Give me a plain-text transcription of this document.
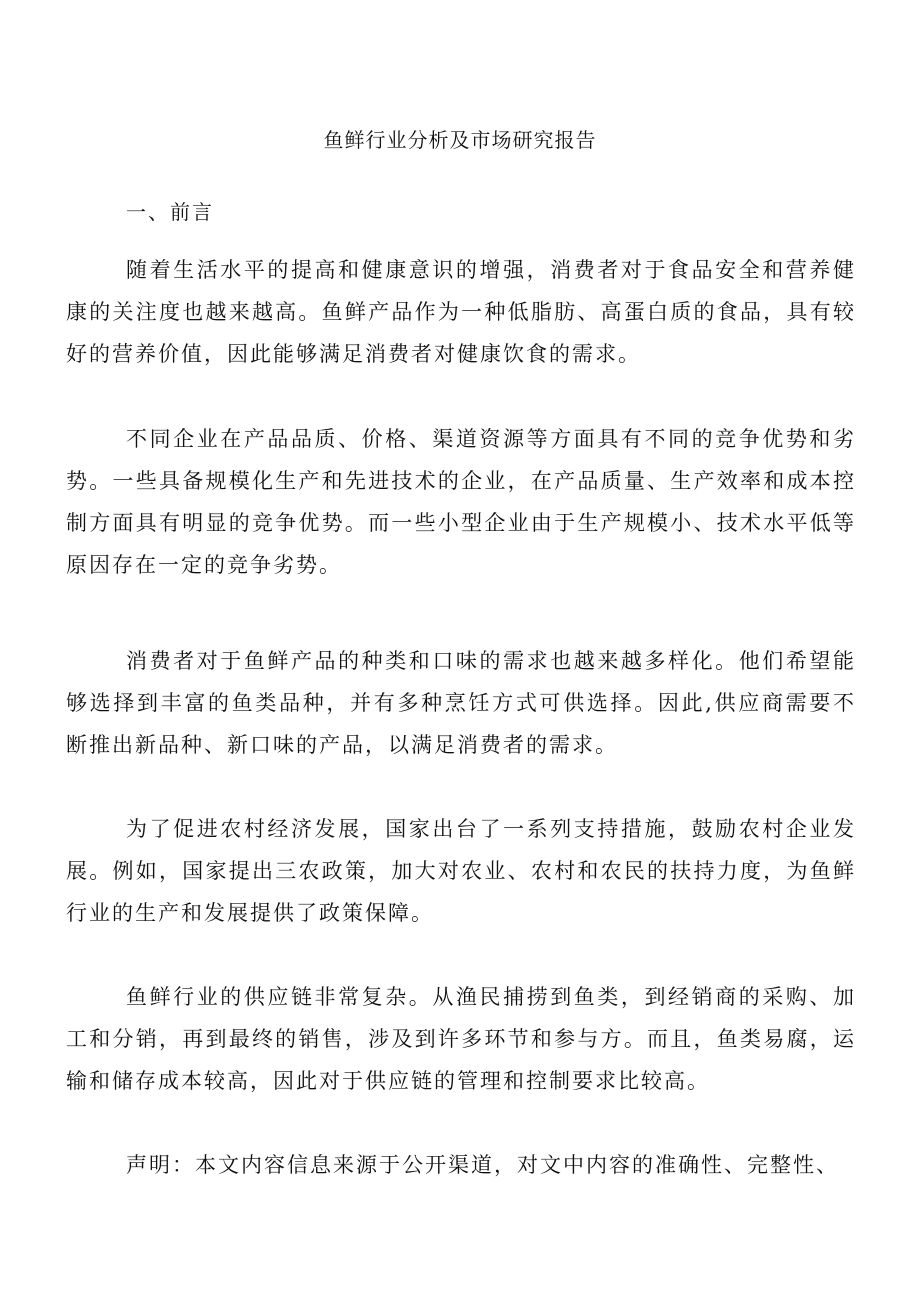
鱼鲜行业分析及市场研究报告
一、前言

随着生活水平的提高和健康意识的增强，消费者对于食品安全和营养健康的关注度也越来越高。鱼鲜产品作为一种低脂肪、高蛋白质的食品，具有较好的营养价值，因此能够满足消费者对健康饮食的需求。

不同企业在产品品质、价格、渠道资源等方面具有不同的竞争优势和劣势。一些具备规模化生产和先进技术的企业，在产品质量、生产效率和成本控制方面具有明显的竞争优势。而一些小型企业由于生产规模小、技术水平低等原因存在一定的竞争劣势。

消费者对于鱼鲜产品的种类和口味的需求也越来越多样化。他们希望能够选择到丰富的鱼类品种，并有多种烹饪方式可供选择。因此,供应商需要不断推出新品种、新口味的产品，以满足消费者的需求。

为了促进农村经济发展，国家出台了一系列支持措施，鼓励农村企业发展。例如，国家提出三农政策，加大对农业、农村和农民的扶持力度，为鱼鲜行业的生产和发展提供了政策保障。

鱼鲜行业的供应链非常复杂。从渔民捕捞到鱼类，到经销商的采购、加工和分销，再到最终的销售，涉及到许多环节和参与方。而且，鱼类易腐，运输和储存成本较高，因此对于供应链的管理和控制要求比较高。

声明：本文内容信息来源于公开渠道，对文中内容的准确性、完整性、
